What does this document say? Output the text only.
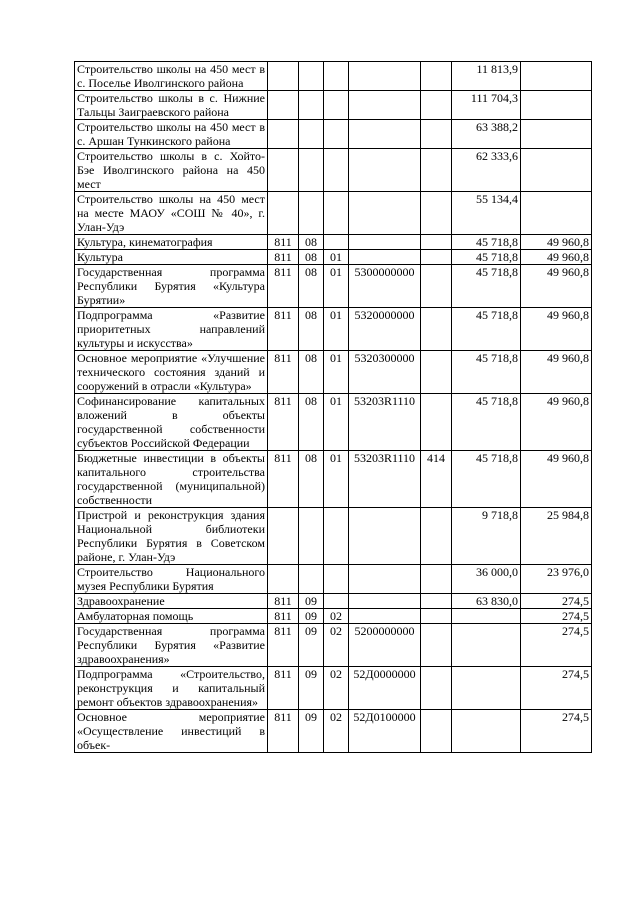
Строительство школы на 450 мест в с. Поселье Иволгинского района						11 813,9	
Строительство школы в с. Нижние Тальцы Заиграевского района						111 704,3	
Строительство школы на 450 мест в с. Аршан Тункинского района						63 388,2	
Строительство школы в с. Хойто-Бэе Иволгинского района на 450 мест						62 333,6	
Строительство школы на 450 мест на месте МАОУ «СОШ № 40», г. Улан-Удэ						55 134,4	
Культура, кинематография	811	08				45 718,8	49 960,8
Культура	811	08	01			45 718,8	49 960,8
Государственная программа Республики Бурятия «Культура Бурятии»	811	08	01	5300000000		45 718,8	49 960,8
Подпрограмма «Развитие приоритетных направлений культуры и искусства»	811	08	01	5320000000		45 718,8	49 960,8
Основное мероприятие «Улучшение технического состояния зданий и сооружений в отрасли «Культура»	811	08	01	5320300000		45 718,8	49 960,8
Софинансирование капитальных вложений в объекты государственной собственности субъектов Российской Федерации	811	08	01	53203R1110		45 718,8	49 960,8
Бюджетные инвестиции в объекты капитального строительства государственной (муниципальной) собственности	811	08	01	53203R1110	414	45 718,8	49 960,8
Пристрой и реконструкция здания Национальной библиотеки Республики Бурятия в Советском районе, г. Улан-Удэ						9 718,8	25 984,8
Строительство Национального музея Республики Бурятия						36 000,0	23 976,0
Здравоохранение	811	09				63 830,0	274,5
Амбулаторная помощь	811	09	02				274,5
Государственная программа Республики Бурятия «Развитие здравоохранения»	811	09	02	5200000000			274,5
Подпрограмма «Строительство, реконструкция и капитальный ремонт объектов здравоохранения»	811	09	02	52Д0000000			274,5
Основное мероприятие «Осуществление инвестиций в объек-	811	09	02	52Д0100000			274,5
